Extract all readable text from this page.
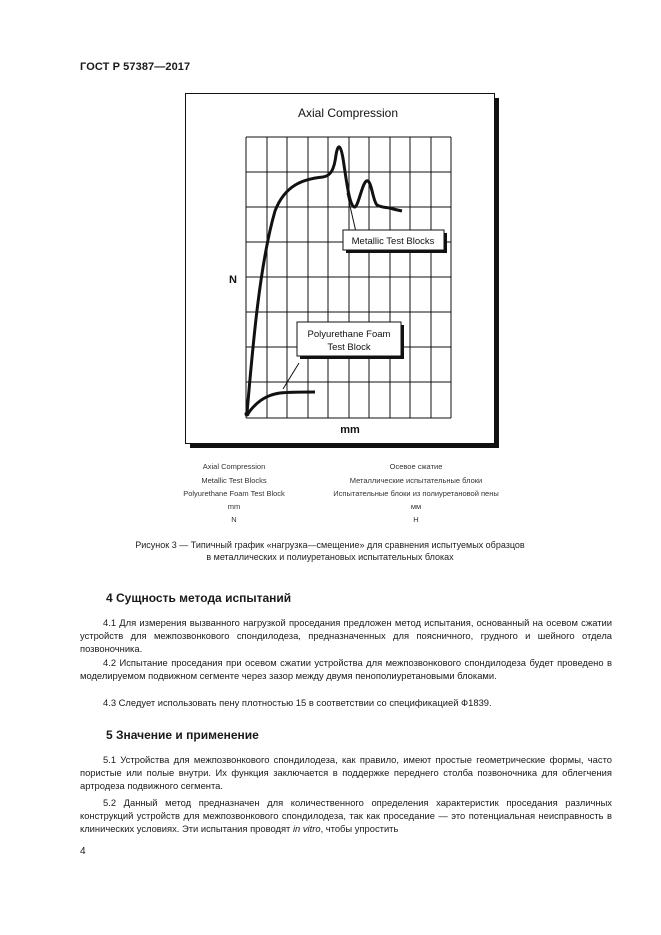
ГОСТ Р 57387—2017
Axial Compression
Metallic Test Blocks
Polyurethane Foam
Test Block
N
mm
Axial Compression	Осевое сжатие
Metallic Test Blocks	Металлические испытательные блоки
Polyurethane Foam Test Block	Испытательные блоки из полиуретановой пены
mm	мм
N	Н
Рисунок 3 — Типичный график «нагрузка—смещение» для сравнения испытуемых образцов
в металлических и полиуретановых испытательных блоках
4 Сущность метода испытаний
4.1 Для измерения вызванного нагрузкой проседания предложен метод испытания, основанный на осевом сжатии устройств для межпозвонкового спондилодеза, предназначенных для поясничного, грудного и шейного отдела позвоночника.
4.2 Испытание проседания при осевом сжатии устройства для межпозвонкового спондилодеза будет проведено в моделируемом подвижном сегменте через зазор между двумя пенополиуретановыми блоками.
4.3 Следует использовать пену плотностью 15 в соответствии со спецификацией Ф1839.
5 Значение и применение
5.1 Устройства для межпозвонкового спондилодеза, как правило, имеют простые геометрические формы, часто пористые или полые внутри. Их функция заключается в поддержке переднего столба позвоночника для облегчения артродеза подвижного сегмента.
5.2 Данный метод предназначен для количественного определения характеристик проседания различных конструкций устройств для межпозвонкового спондилодеза, так как проседание — это потенциальная неисправность в клинических условиях. Эти испытания проводят in vitro, чтобы упростить
4
